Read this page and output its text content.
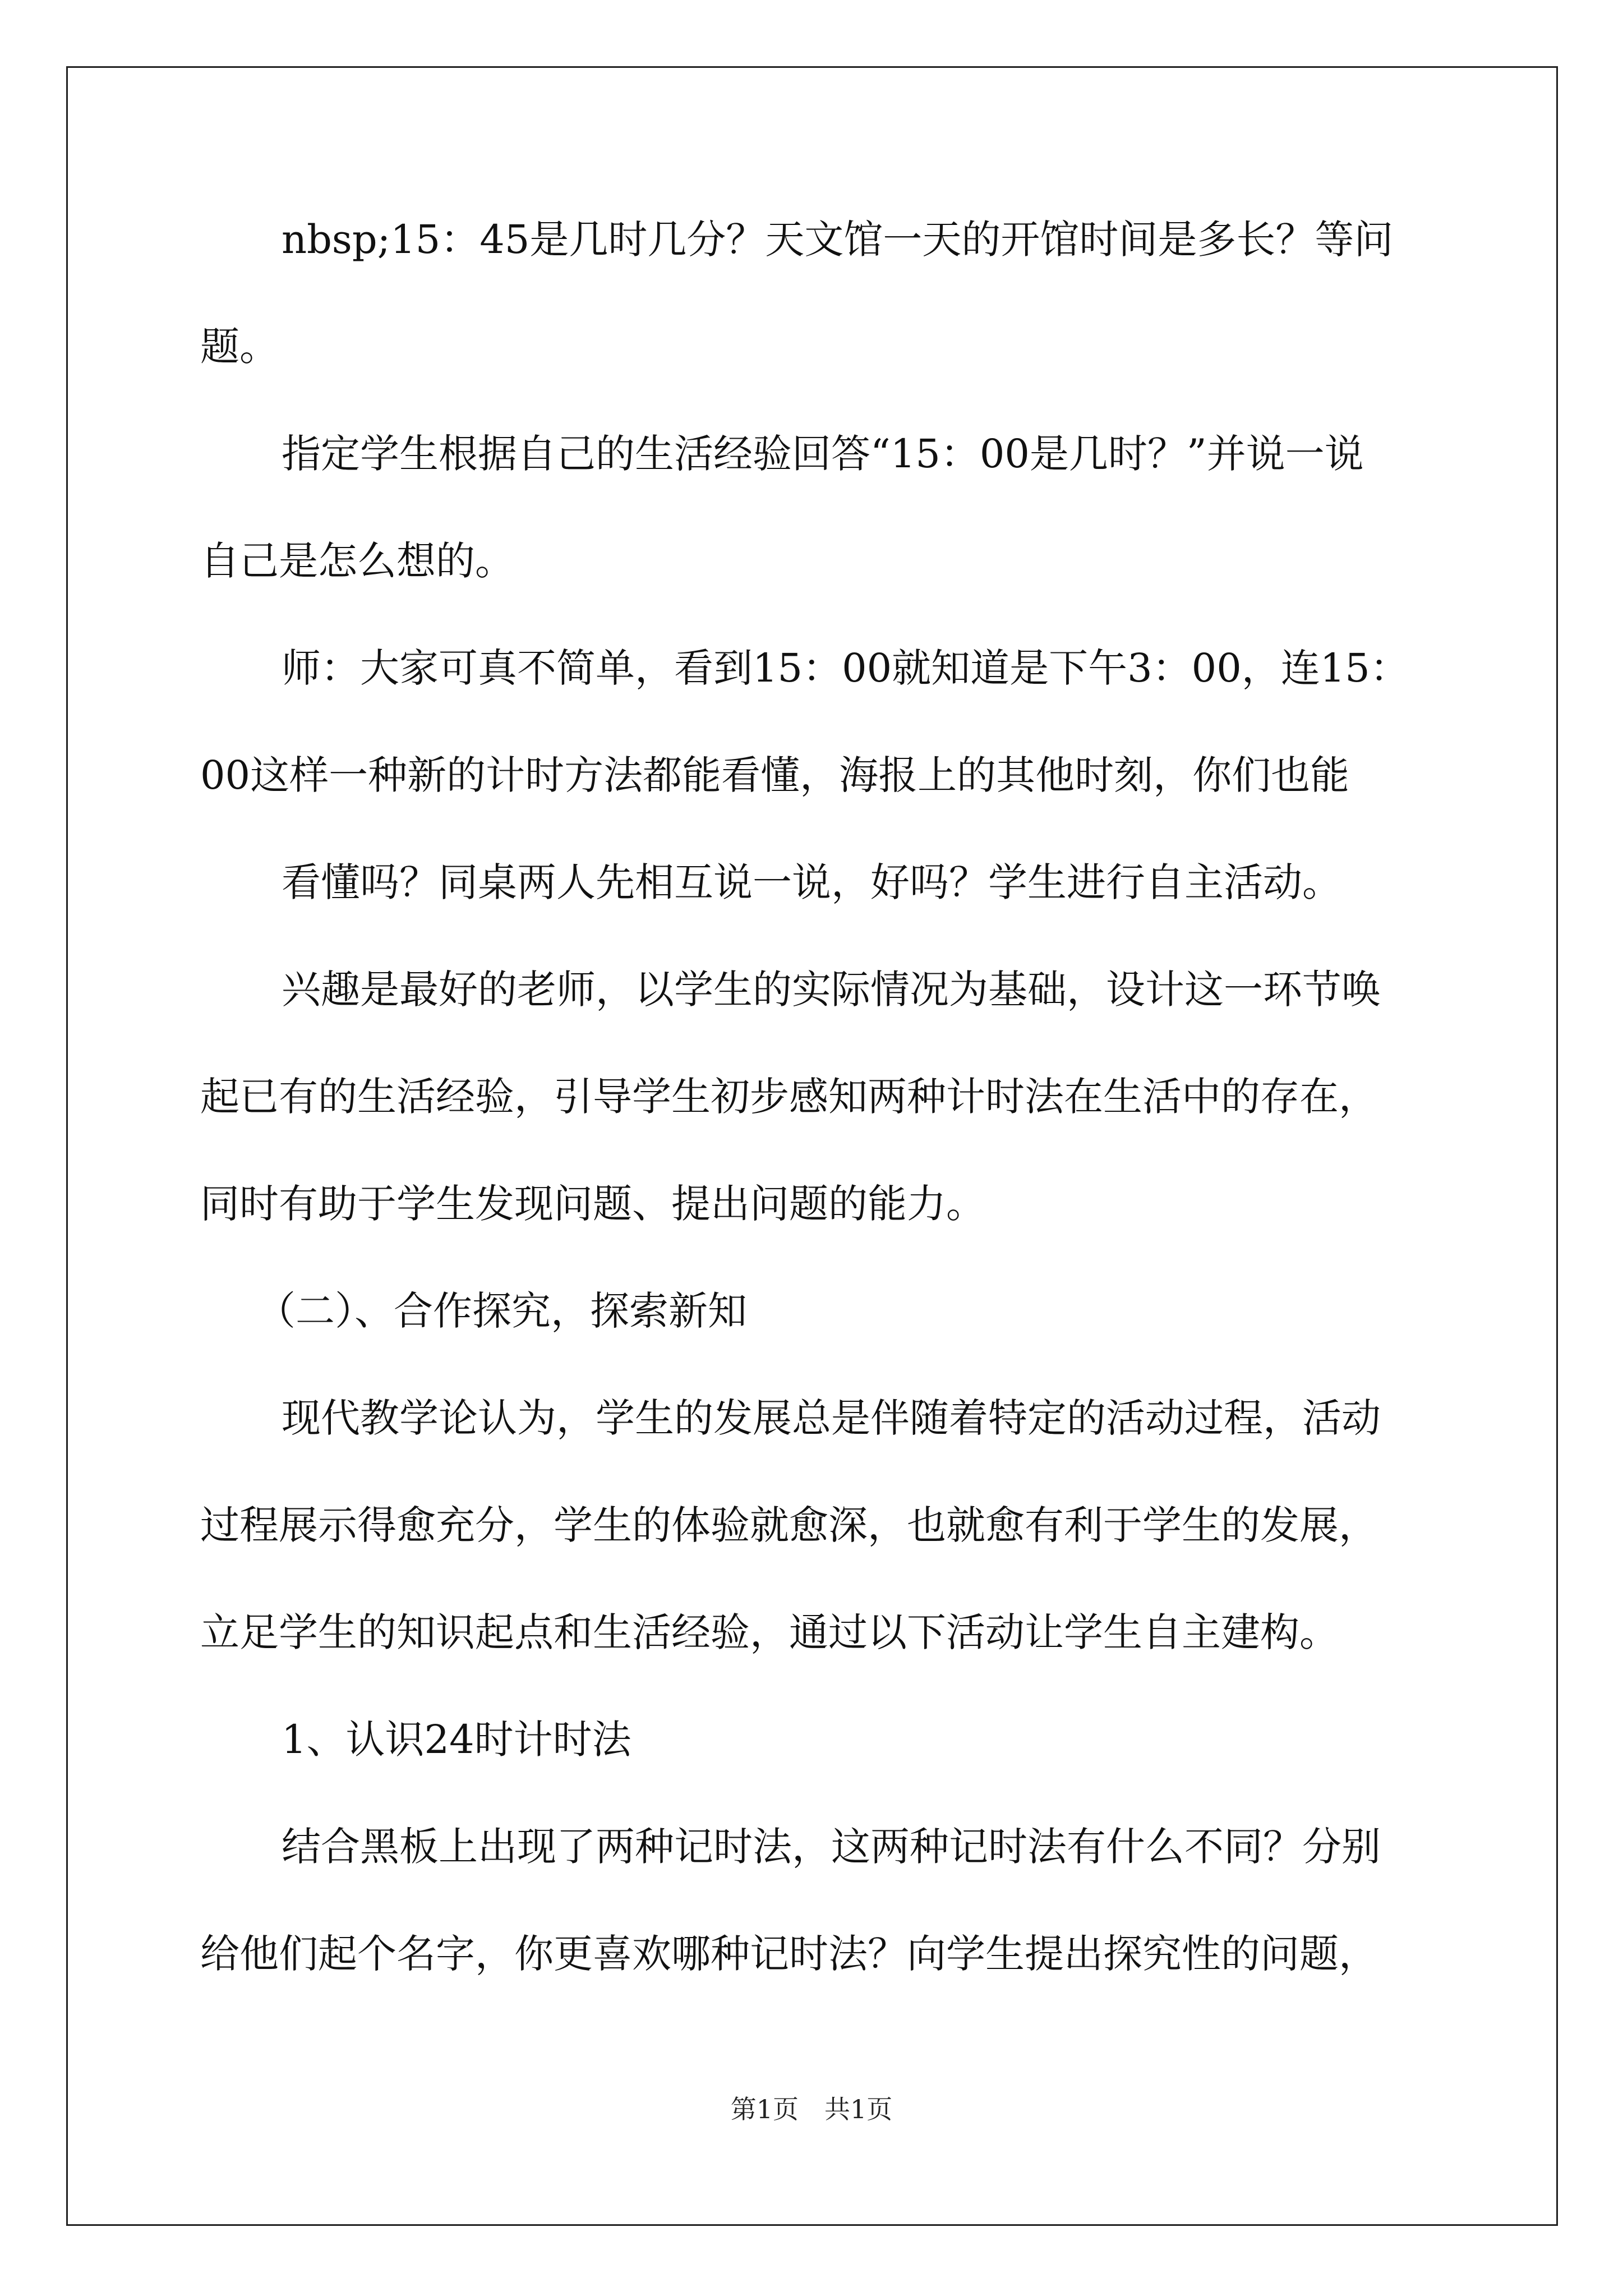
nbsp;15：45是几时几分？天文馆一天的开馆时间是多长？等问
题。
指定学生根据自己的生活经验回答“15：00是几时？”并说一说
自己是怎么想的。
师：大家可真不简单，看到15：00就知道是下午3：00，连15：
00这样一种新的计时方法都能看懂，海报上的其他时刻，你们也能
看懂吗？同桌两人先相互说一说，好吗？学生进行自主活动。
兴趣是最好的老师，以学生的实际情况为基础，设计这一环节唤
起已有的生活经验，引导学生初步感知两种计时法在生活中的存在，
同时有助于学生发现问题、提出问题的能力。
（二）、合作探究，探索新知
现代教学论认为，学生的发展总是伴随着特定的活动过程，活动
过程展示得愈充分，学生的体验就愈深，也就愈有利于学生的发展，
立足学生的知识起点和生活经验，通过以下活动让学生自主建构。
1、认识24时计时法
结合黑板上出现了两种记时法，这两种记时法有什么不同？分别
给他们起个名字，你更喜欢哪种记时法？向学生提出探究性的问题，
第1页　共1页
